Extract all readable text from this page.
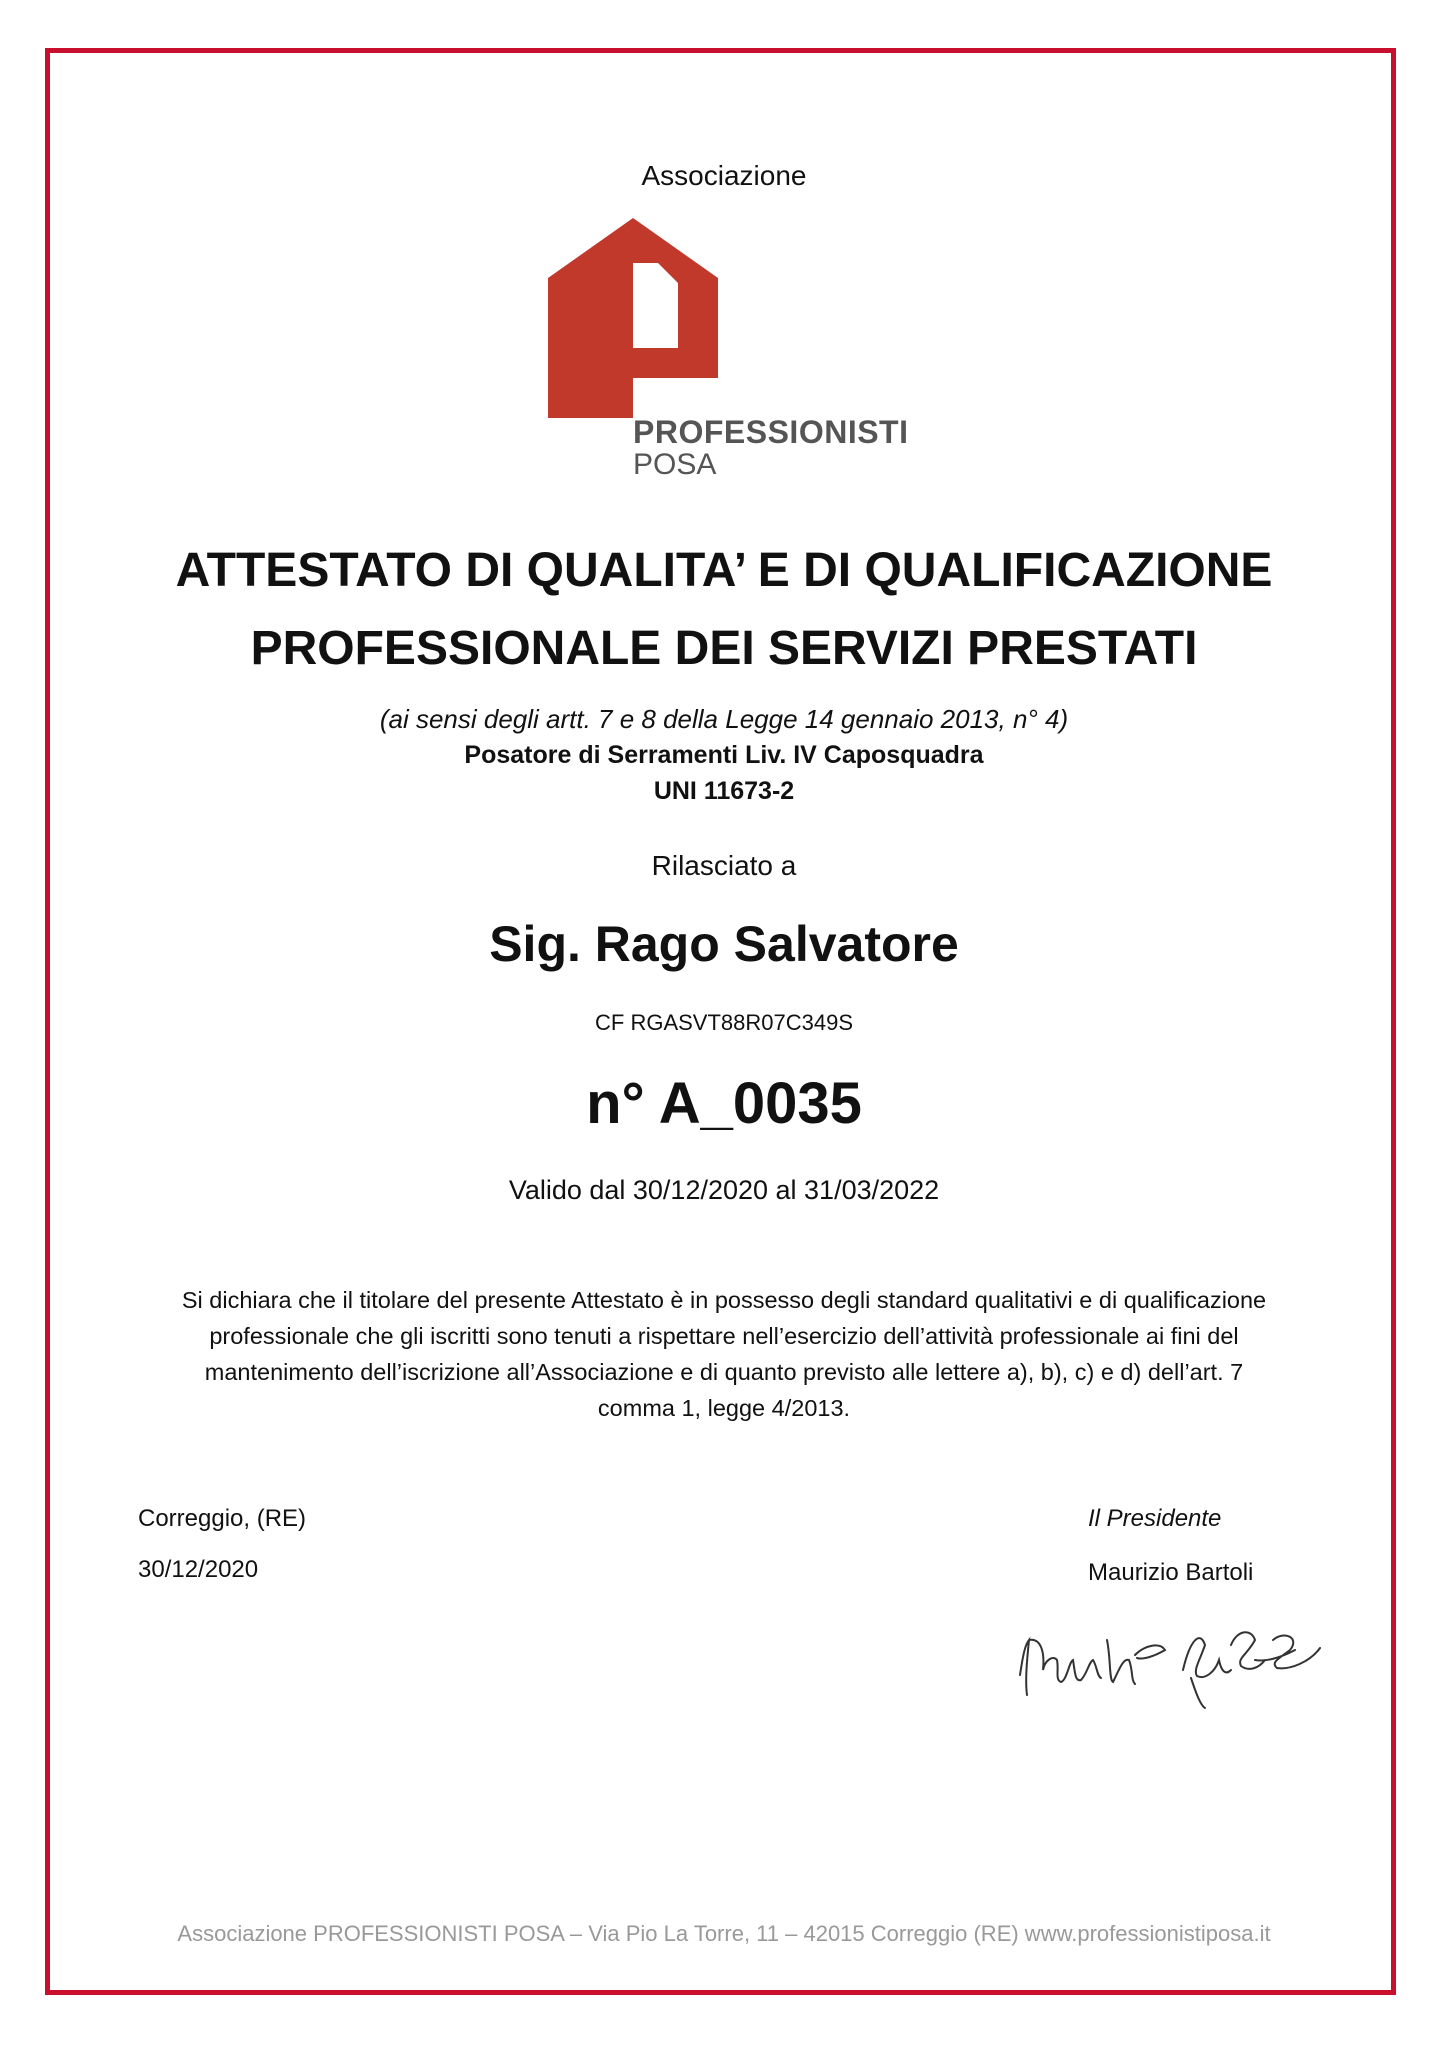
Associazione
PROFESSIONISTI
POSA
ATTESTATO DI QUALITA’ E DI QUALIFICAZIONE
PROFESSIONALE DEI SERVIZI PRESTATI
(ai sensi degli artt. 7 e 8 della Legge 14 gennaio 2013, n° 4)
Posatore di Serramenti Liv. IV Caposquadra
UNI 11673-2
Rilasciato a
Sig. Rago Salvatore
CF RGASVT88R07C349S
n° A_0035
Valido dal 30/12/2020 al 31/03/2022
Si dichiara che il titolare del presente Attestato è in possesso degli standard qualitativi e di qualificazione
professionale che gli iscritti sono tenuti a rispettare nell’esercizio dell’attività professionale ai fini del
mantenimento dell’iscrizione all’Associazione e di quanto previsto alle lettere a), b), c) e d) dell’art. 7
comma 1, legge 4/2013.
Correggio, (RE)
30/12/2020
Il Presidente
Maurizio Bartoli
Associazione PROFESSIONISTI POSA – Via Pio La Torre, 11 – 42015 Correggio (RE) www.professionistiposa.it
